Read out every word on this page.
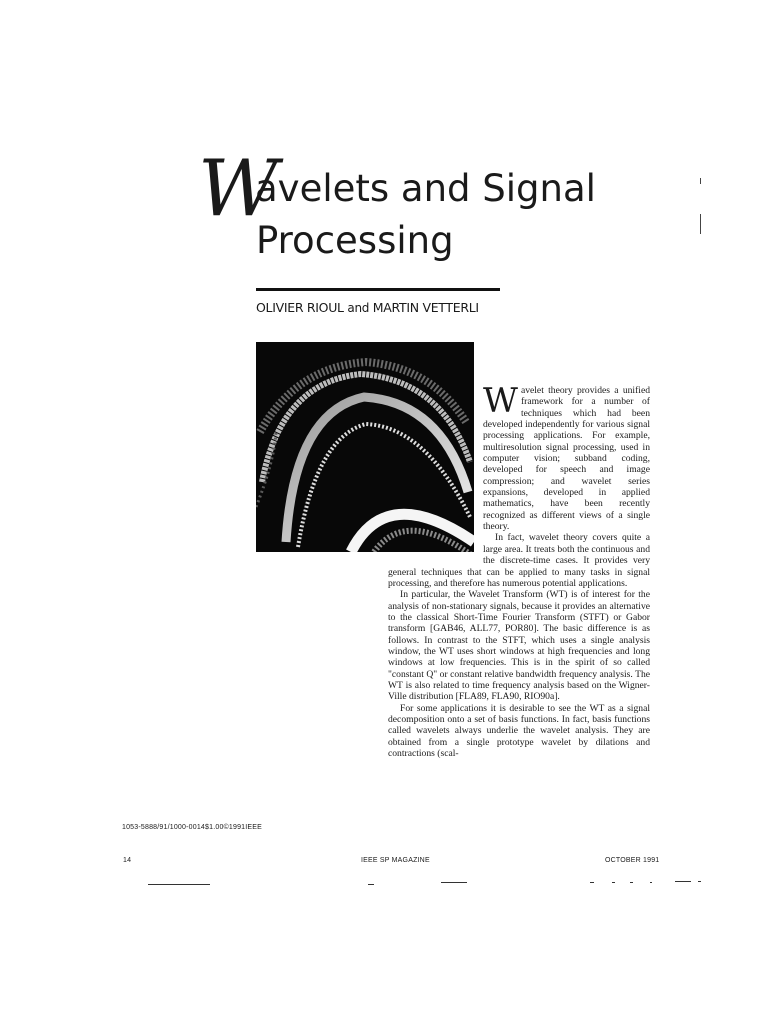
W
avelets and Signal
Processing
OLIVIER RIOUL and MARTIN VETTERLI

Wavelet theory provides a unified framework for a number of techniques which had been developed independently for various signal processing applications. For example, multiresolution signal processing, used in computer vision; subband coding, developed for speech and image compression; and wavelet series expansions, developed in applied mathematics, have been recently recognized as different views of a single theory.

In fact, wavelet theory covers quite a large area. It treats both the continuous and the discrete-time cases. It provides very general techniques that can be applied to many tasks in signal processing, and therefore has numerous potential applications.

In particular, the Wavelet Transform (WT) is of interest for the analysis of non-stationary signals, because it provides an alternative to the classical Short-Time Fourier Transform (STFT) or Gabor transform [GAB46, ALL77, POR80]. The basic difference is as follows. In contrast to the STFT, which uses a single analysis window, the WT uses short windows at high frequencies and long windows at low frequencies. This is in the spirit of so called "constant Q" or constant relative bandwidth frequency analysis. The WT is also related to time frequency analysis based on the Wigner-Ville distribution [FLA89, FLA90, RIO90a].

For some applications it is desirable to see the WT as a signal decomposition onto a set of basis functions. In fact, basis functions called wavelets always underlie the wavelet analysis. They are obtained from a single prototype wavelet by dilations and contractions (scal-

1053-5888/91/1000-0014$1.00©1991IEEE
14	IEEE SP MAGAZINE	OCTOBER 1991
